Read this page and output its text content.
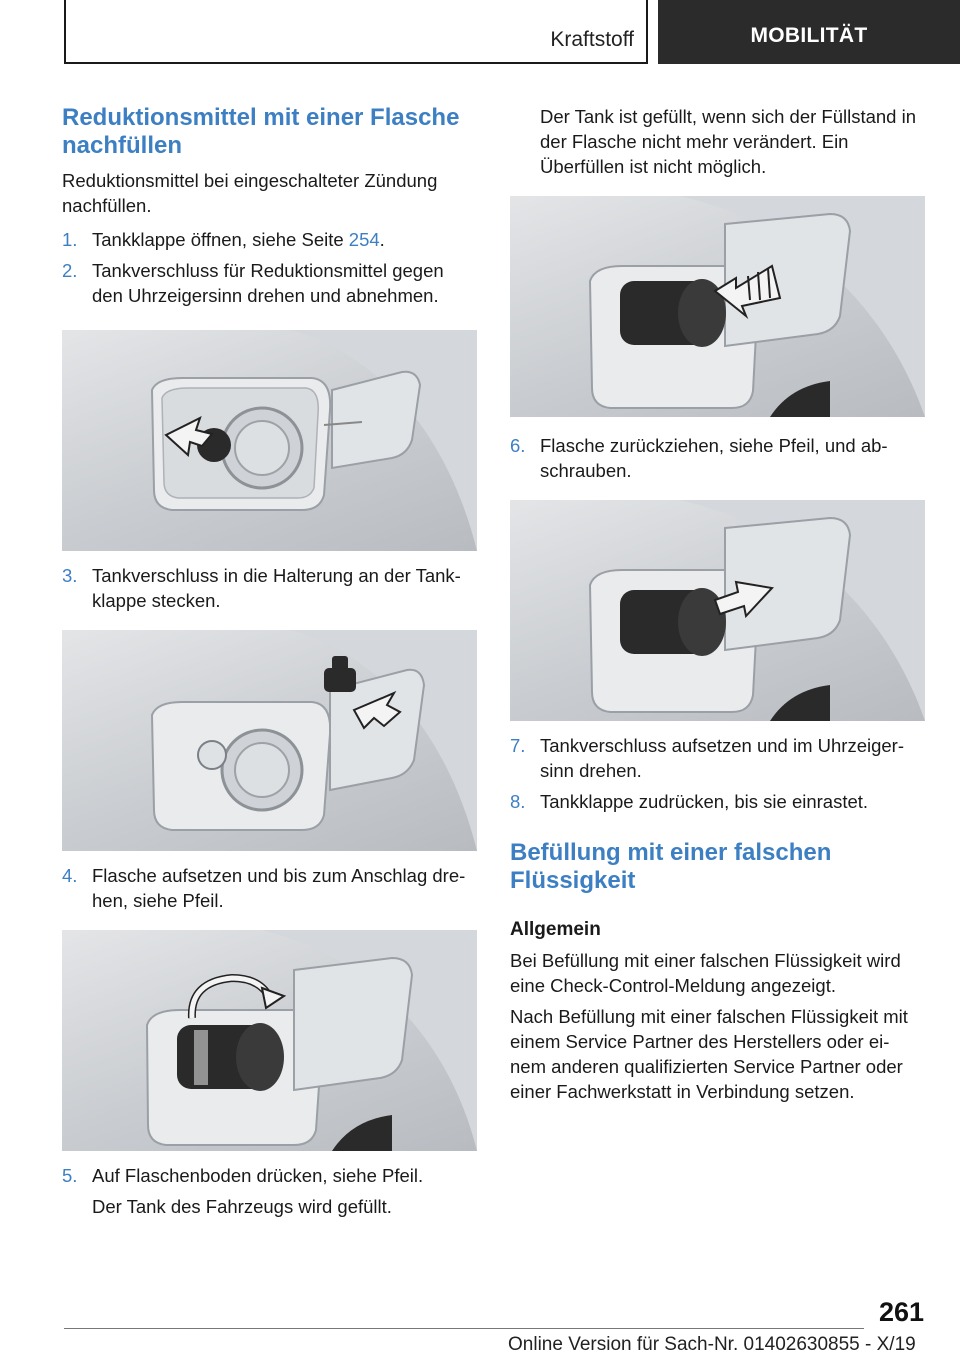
Kraftstoff	MOBILITÄT
Reduktionsmittel mit einer Flasche
nachfüllen

Reduktionsmittel bei eingeschalteter Zündung nachfüllen.

1. Tankklappe öffnen, siehe Seite 254.
2. Tankverschluss für Reduktionsmittel gegen den Uhrzeigersinn drehen und abnehmen.
3. Tankverschluss in die Halterung an der Tank‐klappe stecken.
4. Flasche aufsetzen und bis zum Anschlag dre‐hen, siehe Pfeil.
5. Auf Flaschenboden drücken, siehe Pfeil.

Der Tank des Fahrzeugs wird gefüllt.

Der Tank ist gefüllt, wenn sich der Füllstand in der Flasche nicht mehr verändert. Ein Überfüllen ist nicht möglich.

6. Flasche zurückziehen, siehe Pfeil, und ab‐schrauben.
7. Tankverschluss aufsetzen und im Uhrzeiger‐sinn drehen.
8. Tankklappe zudrücken, bis sie einrastet.
Befüllung mit einer falschen
Flüssigkeit
Allgemein

Bei Befüllung mit einer falschen Flüssigkeit wird eine Check-Control-Meldung angezeigt.

Nach Befüllung mit einer falschen Flüssigkeit mit einem Service Partner des Herstellers oder ei‐nem anderen qualifizierten Service Partner oder einer Fachwerkstatt in Verbindung setzen.

261
Online Version für Sach-Nr. 01402630855 - X/19
